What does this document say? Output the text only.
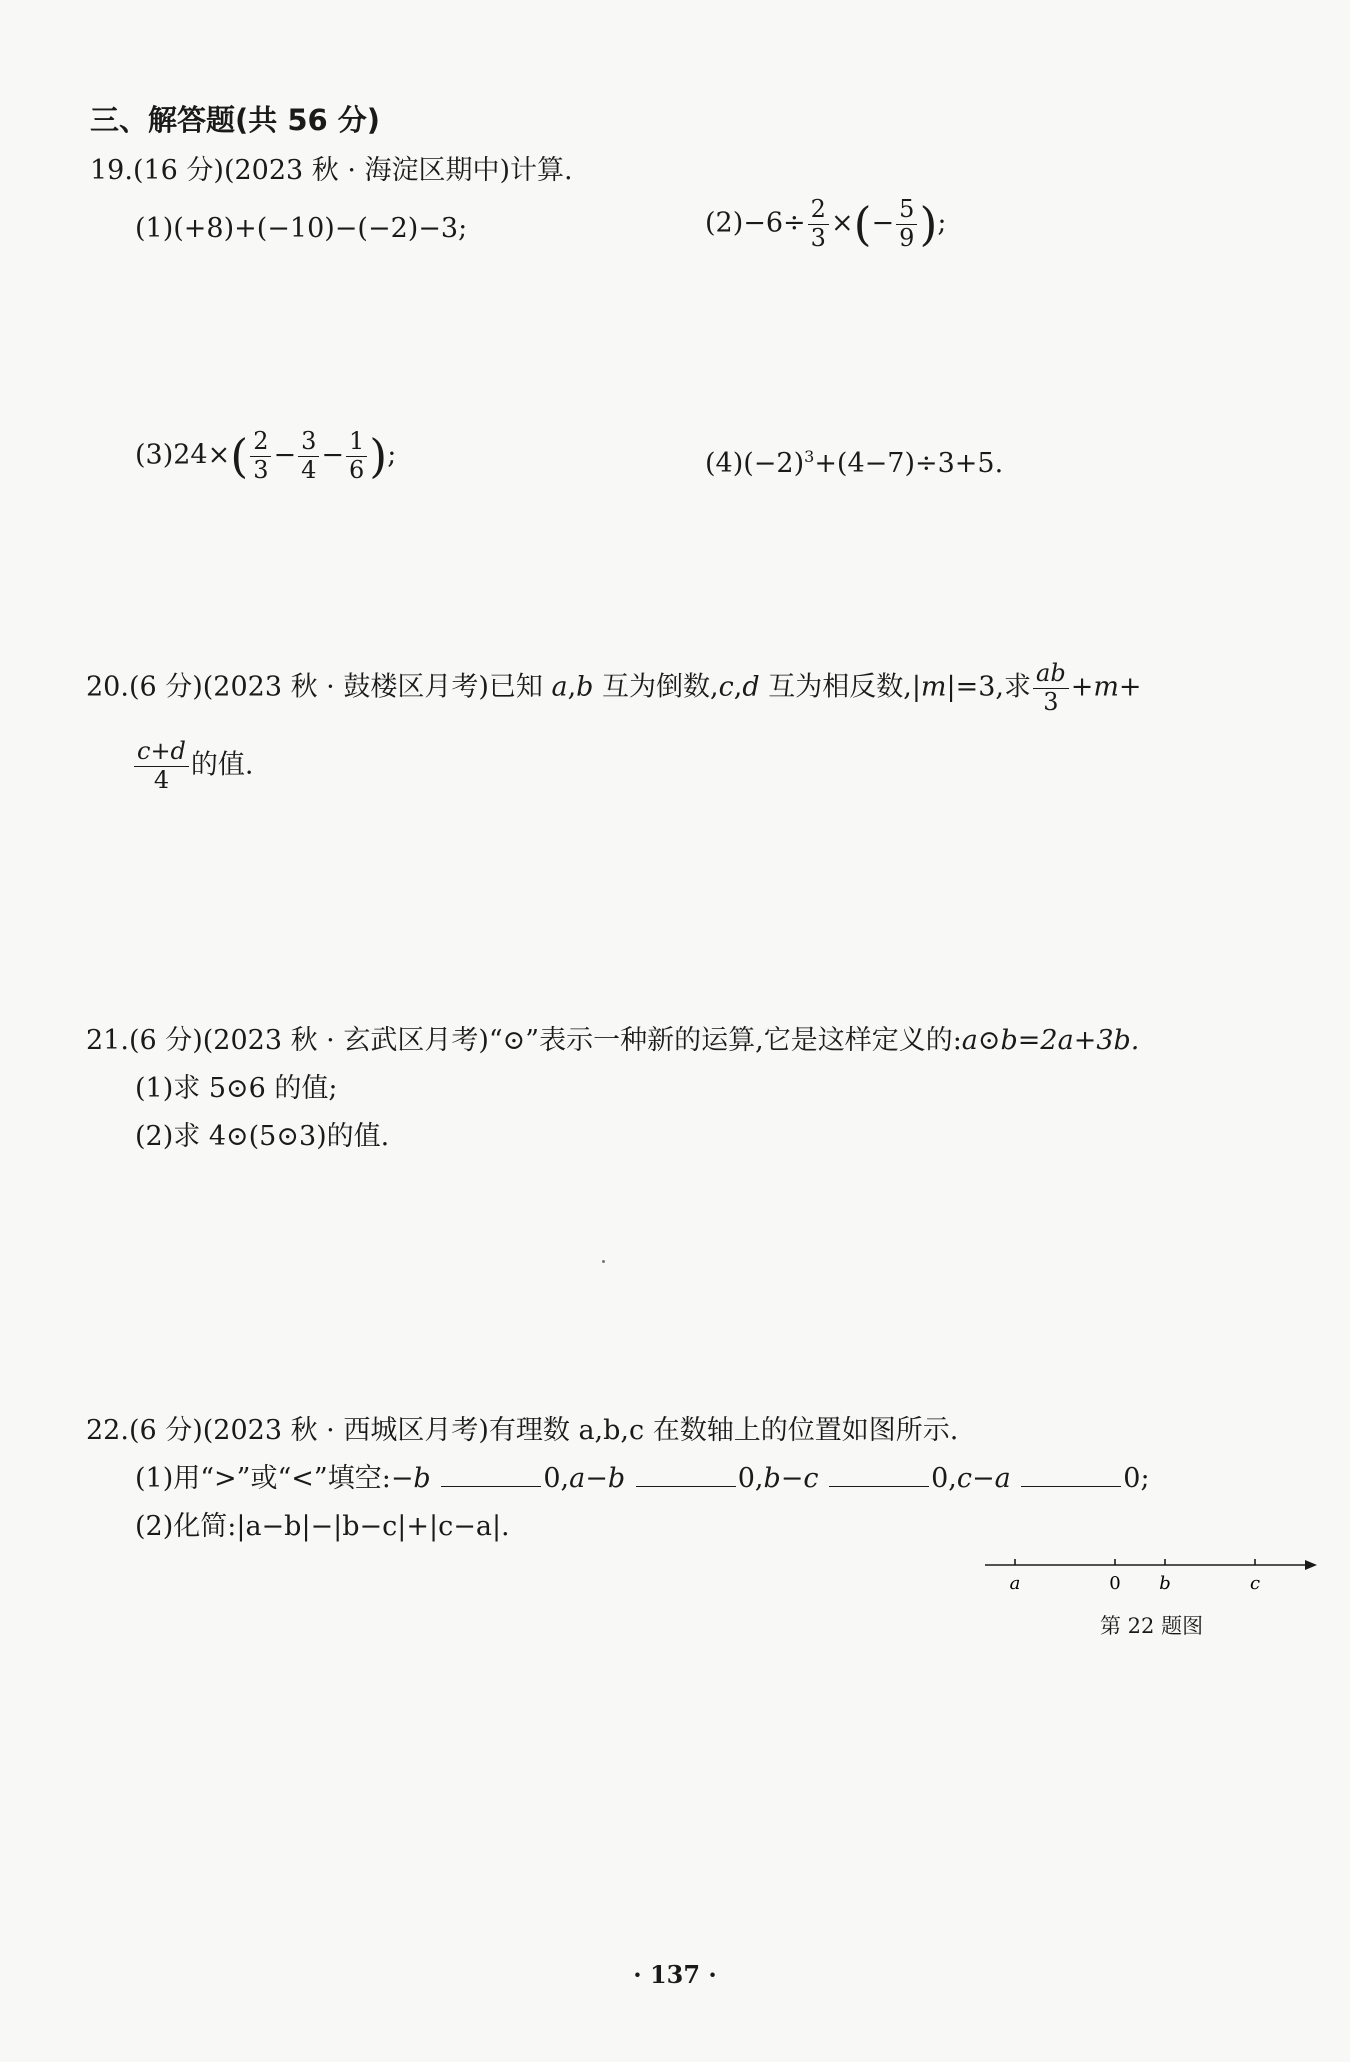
三、解答题(共 56 分)
19.(16 分)(2023 秋 · 海淀区期中)计算.
(1)(+8)+(−10)−(−2)−3;	$(2)-6\div \frac{2}{3}$ ×(− $\frac{5}{9}$ );
$(3)24\times( \frac{2}{3} - \frac{3}{4} - \frac{1}{6}$ );	$(4)(-2)^3+(4-7)\div 3+5$.
20.(6 分)(2023 秋 · 鼓楼区月考)已知 a,b 互为倒数,c,d 互为相反数,|m|=3,求 $\frac{ab}{3} +m+$
$\frac{c+d}{4}$ 的值.
21.(6 分)(2023 秋 · 玄武区月考)“⊙”表示一种新的运算,它是这样定义的:a⊙b=2a+3b.
(1)求 5⊙6 的值;
(2)求 4⊙(5⊙3)的值.
22.(6 分)(2023 秋 · 西城区月考)有理数 a,b,c 在数轴上的位置如图所示.
(1)用“>”或“<”填空:−b	0,a−b	0,b−c	0,c−a	0;
(2)化简:|a−b|−|b−c|+|c−a|.
a	0 b	c
第 22 题图
· 137 ·
